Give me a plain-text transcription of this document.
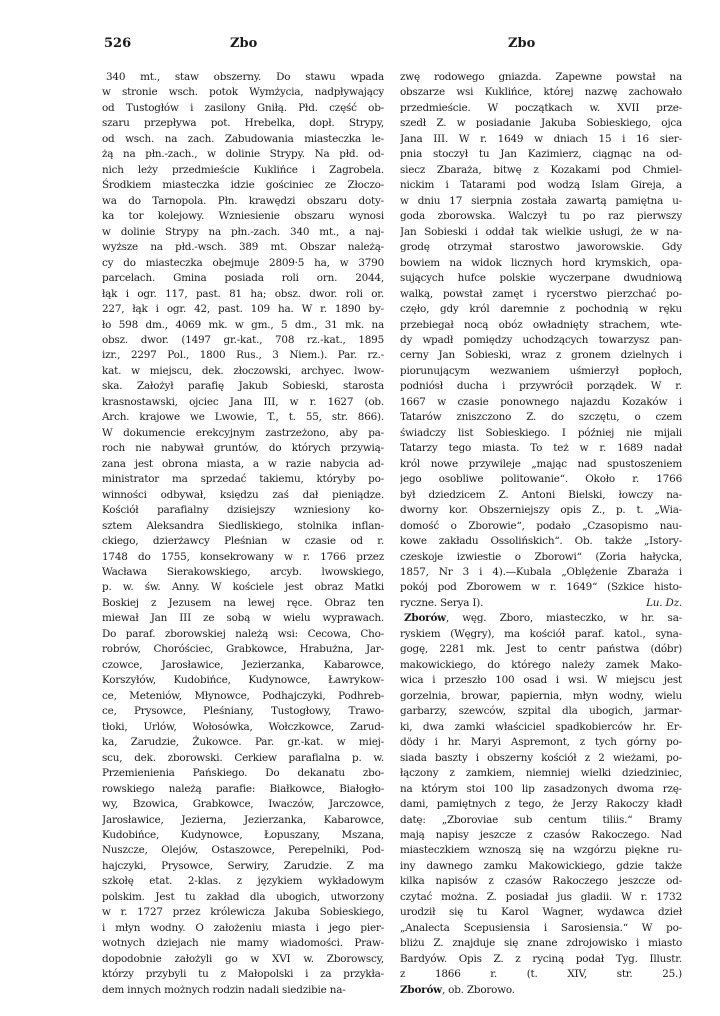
526	Zbo	Zbo
340 mt., staw obszerny. Do stawu wpada
w stronie wsch. potok Wymżycia, nadpływający
od Tustogłów i zasilony Gniłą. Płd. część ob-
szaru przepływa pot. Hrebelka, dopł. Strypy,
od wsch. na zach. Zabudowania miasteczka le-
żą na płn.-zach., w dolinie Strypy. Na płd. od-
nich leży przedmieście Kuklińce i Zagrobela.
Środkiem miasteczka idzie gościniec ze Złoczo-
wa do Tarnopola. Płn. krawędzi obszaru doty-
ka tor kolejowy. Wzniesienie obszaru wynosi
w dolinie Strypy na płn.-zach. 340 mt., a naj-
wyższe na płd.-wsch. 389 mt. Obszar należą-
cy do miasteczka obejmuje 2809·5 ha, w 3790
parcelach. Gmina posiada roli orn. 2044,
łąk i ogr. 117, past. 81 ha; obsz. dwor. roli or.
227, łąk i ogr. 42, past. 109 ha. W r. 1890 by-
ło 598 dm., 4069 mk. w gm., 5 dm., 31 mk. na
obsz. dwor. (1497 gr.-kat., 708 rz.-kat., 1895
izr., 2297 Pol., 1800 Rus., 3 Niem.). Par. rz.-
kat. w miejscu, dek. złoczowski, archyec. lwow-
ska. Założył parafię Jakub Sobieski, starosta
krasnostawski, ojciec Jana III, w r. 1627 (ob.
Arch. krajowe we Lwowie, T., t. 55, str. 866).
W dokumencie erekcyjnym zastrzeżono, aby pa-
roch nie nabywał gruntów, do których przywią-
zana jest obrona miasta, a w razie nabycia ad-
ministrator ma sprzedać takiemu, któryby po-
winności odbywał, księdzu zaś dał pieniądze.
Kościół parafialny dzisiejszy wzniesiony ko-
sztem Aleksandra Siedliskiego, stolnika inflan-
ckiego, dzierżawcy Pleśnian w czasie od r.
1748 do 1755, konsekrowany w r. 1766 przez
Wacława Sierakowskiego, arcyb. lwowskiego,
p. w. św. Anny. W kościele jest obraz Matki
Boskiej z Jezusem na lewej ręce. Obraz ten
miewał Jan III ze sobą w wielu wyprawach.
Do paraf. zborowskiej należą wsi: Cecowa, Cho-
robrów, Choróściec, Grabkowce, Hrabużna, Jar-
czowce, Jarosławice, Jezierzanka, Kabarowce,
Korszyłów, Kudobińce, Kudynowce, Ławrykow-
ce, Meteniów, Młynowce, Podhajczyki, Podhreb-
ce, Prysowce, Pleśniany, Tustogłowy, Trawo-
tłoki, Urlów, Wołosówka, Wołczkowce, Zarud-
ka, Zarudzie, Żukowce. Par. gr.-kat. w miej-
scu, dek. zborowski. Cerkiew parafialna p. w.
Przemienienia Pańskiego. Do dekanatu zbo-
rowskiego należą parafie: Białkowce, Białogło-
wy, Bzowica, Grabkowce, Iwaczów, Jarczowce,
Jarosławice, Jezierna, Jezierzanka, Kabarowce,
Kudobińce, Kudynowce, Łopuszany, Mszana,
Nuszcze, Olejów, Ostaszowce, Perepelniki, Pod-
hajczyki, Prysowce, Serwiry, Zarudzie. Z ma
szkołę etat. 2-klas. z językiem wykładowym
polskim. Jest tu zakład dla ubogich, utworzony
w r. 1727 przez królewicza Jakuba Sobieskiego,
i młyn wodny. O założeniu miasta i jego pier-
wotnych dziejach nie mamy wiadomości. Praw-
dopodobnie założyli go w XVI w. Zborowscy,
którzy przybyli tu z Małopolski i za przykła-
dem innych możnych rodzin nadali siedzibie na-
zwę rodowego gniazda. Zapewne powstał na
obszarze wsi Kuklińce, której nazwę zachowało
przedmieście. W początkach w. XVII prze-
szedł Z. w posiadanie Jakuba Sobieskiego, ojca
Jana III. W r. 1649 w dniach 15 i 16 sier-
pnia stoczył tu Jan Kazimierz, ciągnąc na od-
siecz Zbaraża, bitwę z Kozakami pod Chmiel-
nickim i Tatarami pod wodzą Islam Gireja, a
w dniu 17 sierpnia została zawartą pamiętna u-
goda zborowska. Walczył tu po raz pierwszy
Jan Sobieski i oddał tak wielkie usługi, że w na-
grodę otrzymał starostwo jaworowskie. Gdy
bowiem na widok licznych hord krymskich, opa-
sujących hufce polskie wyczerpane dwudniową
walką, powstał zamęt i rycerstwo pierzchać po-
częło, gdy król daremnie z pochodnią w ręku
przebiegał nocą obóz owładnięty strachem, wte-
dy wpadł pomiędzy uchodzących towarzysz pan-
cerny Jan Sobieski, wraz z gronem dzielnych i
piorunującym wezwaniem uśmierzył popłoch,
podniósł ducha i przywrócił porządek. W r.
1667 w czasie ponownego najazdu Kozaków i
Tatarów zniszczono Z. do szczętu, o czem
świadczy list Sobieskiego. I później nie mijali
Tatarzy tego miasta. To też w r. 1689 nadał
król nowe przywileje „mając nad spustoszeniem
jego osobliwe politowanie“. Około r. 1766
był dziedzicem Z. Antoni Bielski, łowczy na-
dworny kor. Obszerniejszy opis Z., p. t. „Wia-
domość o Zborowie“, podało „Czasopismo nau-
kowe zakładu Ossolińskich“. Ob. także „Istory-
czeskoje izwiestie o Zborowi“ (Zoria hałycka,
1857, Nr 3 i 4).—Kubala „Oblężenie Zbaraża i
pokój pod Zborowem w r. 1649“ (Szkice histo-
ryczne. Serya I).	Lu. Dz.
Zborów, węg. Zboro, miasteczko, w hr. sa-
ryskiem (Węgry), ma kościół paraf. katol., syna-
gogę, 2281 mk. Jest to centr państwa (dóbr)
makowickiego, do którego należy zamek Mako-
wica i przeszło 100 osad i wsi. W miejscu jest
gorzelnia, browar, papiernia, młyn wodny, wielu
garbarzy, szewców, szpital dla ubogich, jarmar-
ki, dwa zamki właściciel spadkobierców hr. Er-
dödy i hr. Maryi Aspremont, z tych górny po-
siada baszty i obszerny kościół z 2 wieżami, po-
łączony z zamkiem, niemniej wielki dziedziniec,
na którym stoi 100 lip zasadzonych dwoma rzę-
dami, pamiętnych z tego, że Jerzy Rakoczy kładł
datę: „Zboroviae sub centum tiliis.“ Bramy
mają napisy jeszcze z czasów Rakoczego. Nad
miasteczkiem wznoszą się na wzgórzu piękne ru-
iny dawnego zamku Makowickiego, gdzie także
kilka napisów z czasów Rakoczego jeszcze od-
czytać można. Z. posiadał jus gladii. W r. 1732
urodził się tu Karol Wagner, wydawca dzieł
„Analecta Scepusiensia i Sarosiensia.“ W po-
bliżu Z. znajduje się znane zdrojowisko i miasto
Bardyów. Opis Z. z ryciną podał Tyg. Illustr.
z 1866 r. (t. XIV, str. 25.)
Zborów, ob. Zborowo.
